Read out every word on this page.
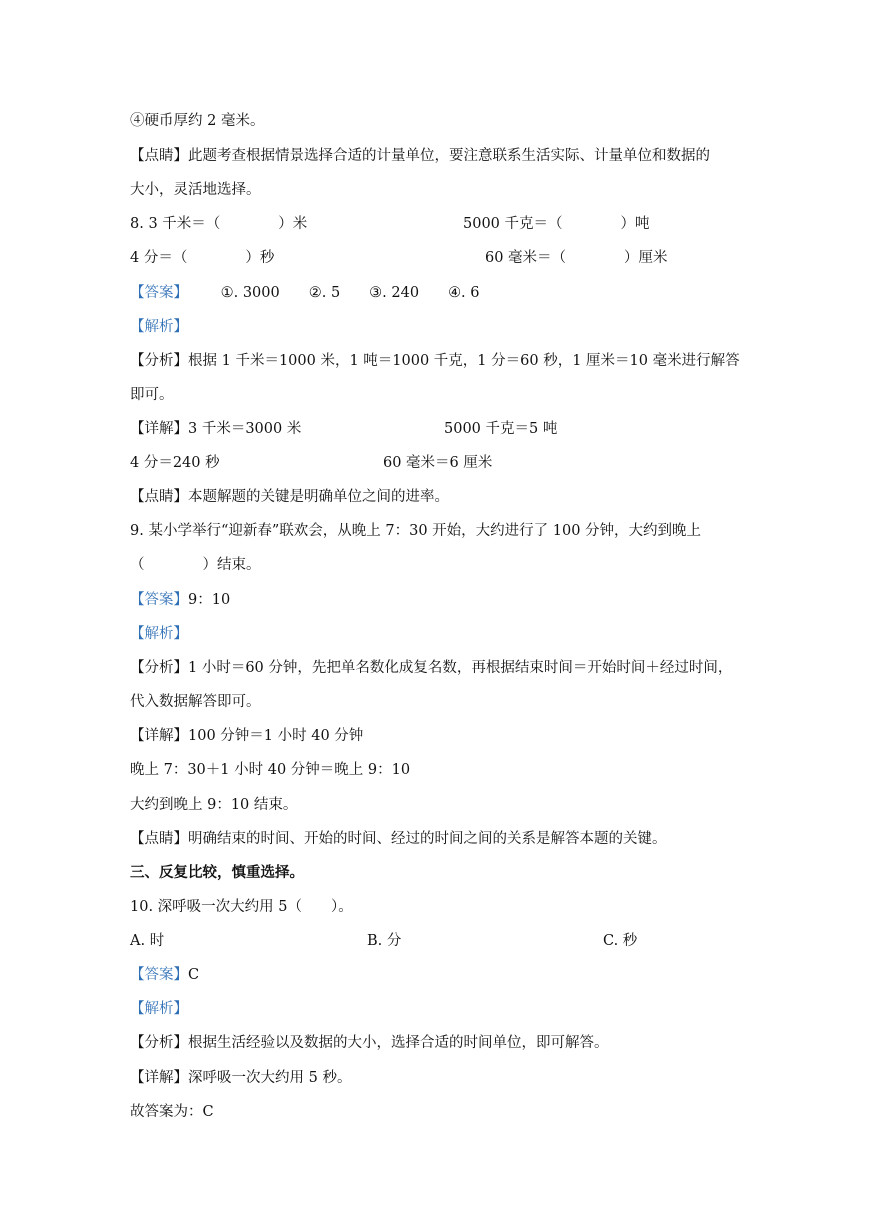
④硬币厚约 2 毫米。
【点睛】此题考查根据情景选择合适的计量单位，要注意联系生活实际、计量单位和数据的
大小，灵活地选择。
8. 3 千米＝（　　　　）米	5000 千克＝（　　　　）吨
4 分＝（　　　　）秒	60 毫米＝（　　　　）厘米
【答案】 ①. 3000　　②. 5　　③. 240　　④. 6
【解析】
【分析】根据 1 千米＝1000 米，1 吨＝1000 千克，1 分＝60 秒，1 厘米＝10 毫米进行解答
即可。
【详解】3 千米＝3000 米	5000 千克＝5 吨
4 分＝240 秒	60 毫米＝6 厘米
【点睛】本题解题的关键是明确单位之间的进率。
9. 某小学举行“迎新春”联欢会，从晚上 7：30 开始，大约进行了 100 分钟，大约到晚上
（　　　　）结束。
【答案】9：10
【解析】
【分析】1 小时＝60 分钟，先把单名数化成复名数，再根据结束时间＝开始时间＋经过时间，
代入数据解答即可。
【详解】100 分钟＝1 小时 40 分钟
晚上 7：30＋1 小时 40 分钟＝晚上 9：10
大约到晚上 9：10 结束。
【点睛】明确结束的时间、开始的时间、经过的时间之间的关系是解答本题的关键。
三、反复比较，慎重选择。
10. 深呼吸一次大约用 5（　　）。
A. 时	B. 分	C. 秒
【答案】C
【解析】
【分析】根据生活经验以及数据的大小，选择合适的时间单位，即可解答。
【详解】深呼吸一次大约用 5 秒。
故答案为：C
